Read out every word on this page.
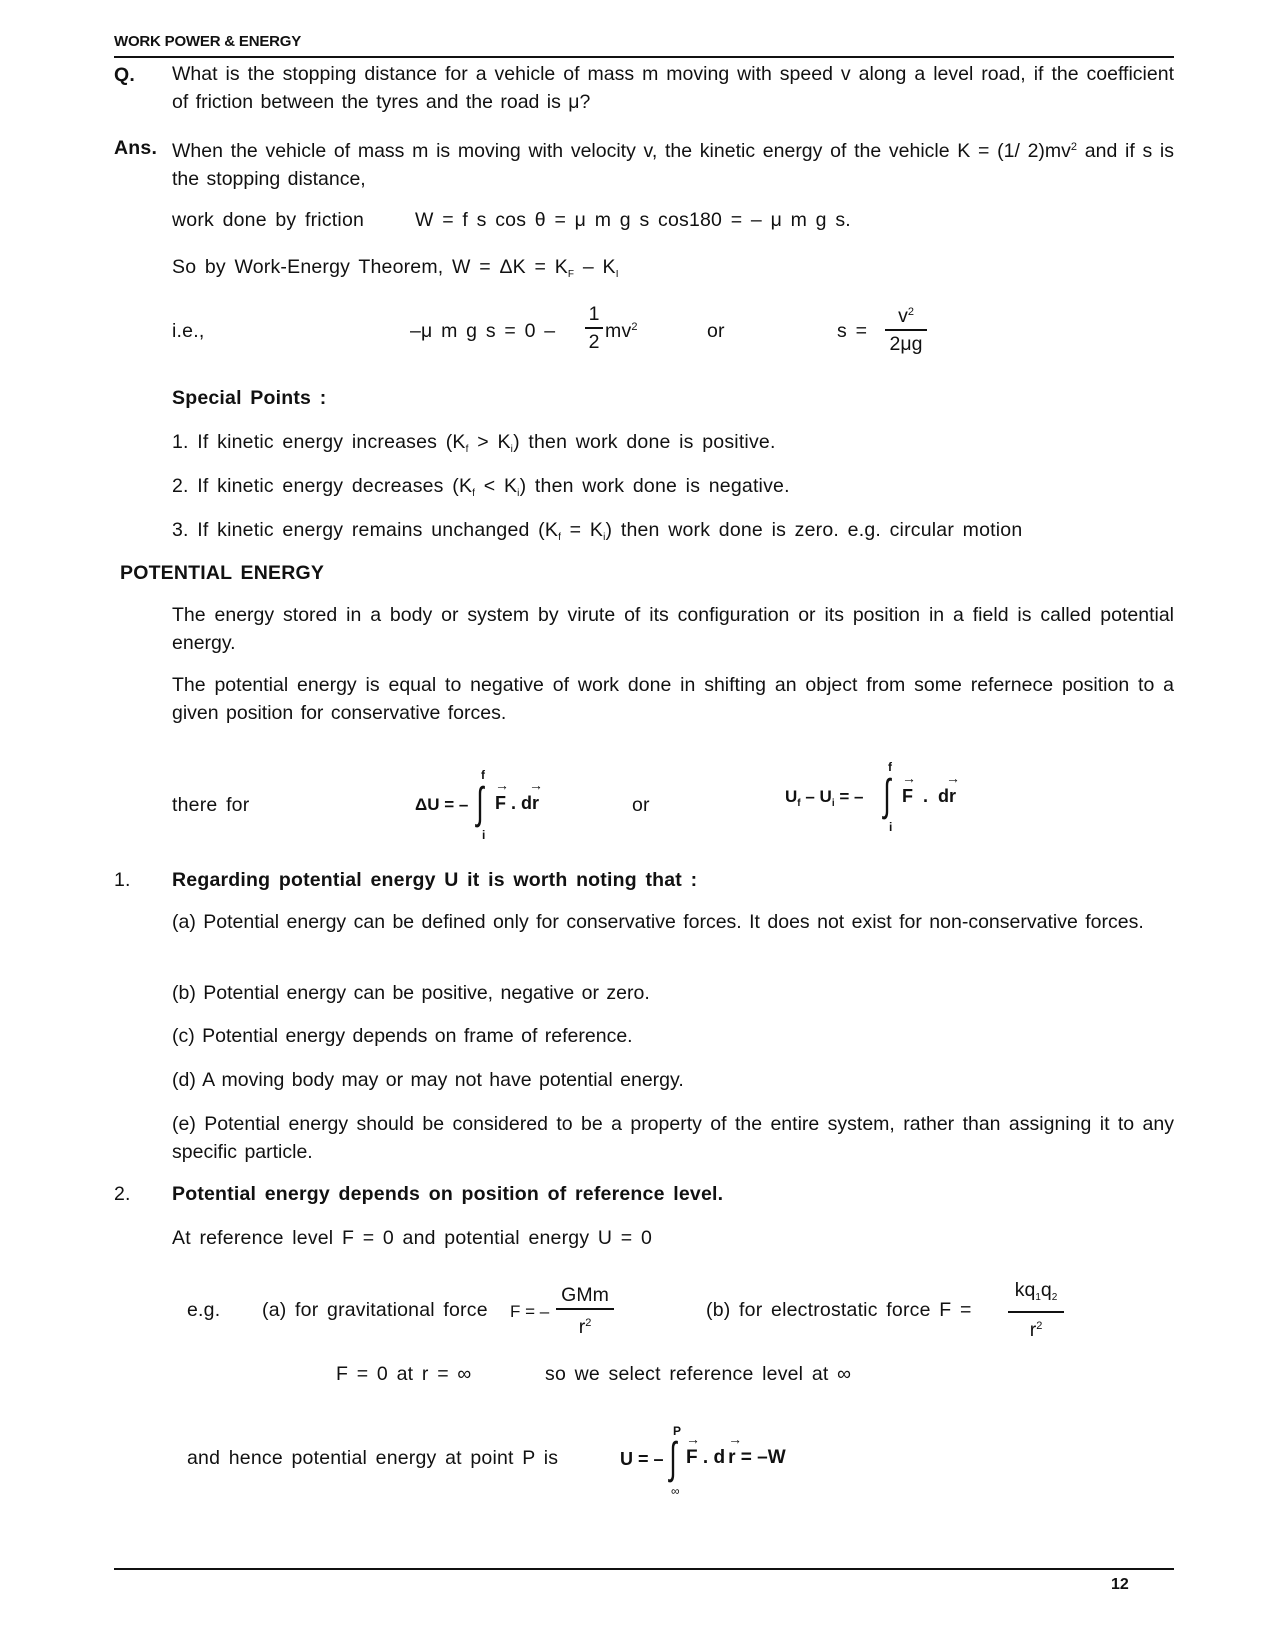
WORK POWER & ENERGY
Q. What is the stopping distance for a vehicle of mass m moving with speed v along a level road, if the coefficient of friction between the tyres and the road is μ?
Ans. When the vehicle of mass m is moving with velocity v, the kinetic energy of the vehicle K = (1/ $2)mv^2$ and if s is the stopping distance,
work done by friction	W = f s cos θ = μ m g s cos180 = – μ m g s.
So by Work-Energy Theorem, $W = \Delta K = K_F - K_I$
i.e.,	–μ m g s = 0 –
1
2 $mv^2$	or	s =
$v^2$
2μg
Special Points :
1. If kinetic energy increases $(K_f > K_i)$ then work done is positive.
2. If kinetic energy decreases $(K_f < K_i)$ then work done is negative.
3. If kinetic energy remains unchanged $(K_f = K_i)$ then work done is zero. e.g. circular motion
POTENTIAL ENERGY
The energy stored in a body or system by virute of its configuration or its position in a field is called potential energy.
The potential energy is equal to negative of work done in shifting an object from some refernece position to a given position for conservative forces.
there for	ΔU = –
f
∫
i
→
F .
→
dr	or	$U_f - U_i$ = –
f
∫
i
→
F  .
→
dr
1. Regarding potential energy U it is worth noting that :
(a) Potential energy can be defined only for conservative forces. It does not exist for non-conservative forces.
(b) Potential energy can be positive, negative or zero.
(c) Potential energy depends on frame of reference.
(d) A moving body may or may not have potential energy.
(e) Potential energy should be considered to be a property of the entire system, rather than assigning it to any specific particle.
2. Potential energy depends on position of reference level.
At reference level F = 0 and potential energy U = 0
e.g. (a) for gravitational force F = –
GMm
$r^2$
(b) for electrostatic force F =
$kq_1q_2$
$r^2$
F = 0 at r = ∞	so we select reference level at ∞
and hence potential energy at point P is	U = –
P
∫
∞
→
F . d
→
r = –W
12
